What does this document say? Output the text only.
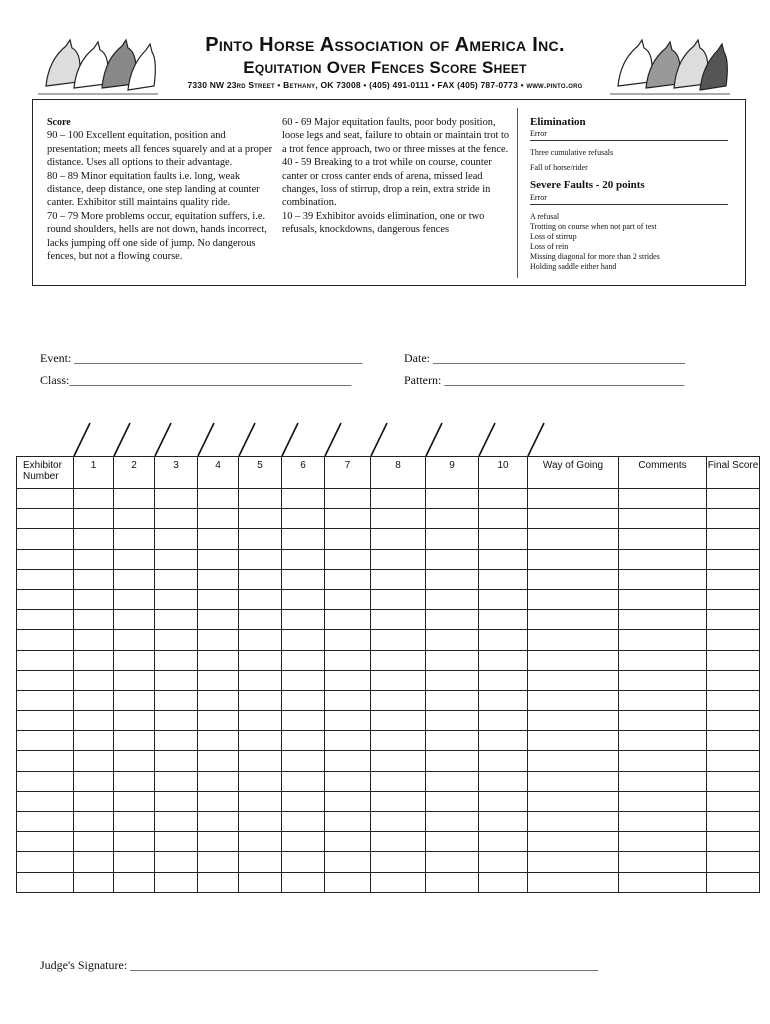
Pinto Horse Association of America Inc.
Equitation Over Fences Score Sheet
7330 NW 23rd Street • Bethany, OK 73008 • (405) 491-0111 • FAX (405) 787-0773 • www.pinto.org
Score
90 – 100 Excellent equitation, position and presentation; meets all fences squarely and at a proper distance. Uses all options to their advantage.
80 – 89 Minor equitation faults i.e. long, weak distance, deep distance, one step landing at counter canter. Exhibitor still maintains quality ride.
70 – 79 More problems occur, equitation suffers, i.e. round shoulders, hells are not down, hands incorrect, lacks jumping off one side of jump. No dangerous fences, but not a flowing course.
60 - 69 Major equitation faults, poor body position, loose legs and seat, failure to obtain or maintain trot to a trot fence approach, two or three misses at the fence.
40 - 59 Breaking to a trot while on course, counter canter or cross canter ends of arena, missed lead changes, loss of stirrup, drop a rein, extra stride in combination.
10 – 39 Exhibitor avoids elimination, one or two refusals, knockdowns, dangerous fences
Elimination
Error
Three cumulative refusals
Fall of horse/rider
Severe Faults - 20 points
Error
A refusal
Trotting on course when not part of test
Loss of stirrup
Loss of rein
Missing diagonal for more than 2 strides
Holding saddle either hand
Event: ________________________________________________	Date: __________________________________________
Class:_______________________________________________	Pattern: ________________________________________
Exhibitor Number	1	2	3	4	5	6	7	8	9	10	Way of Going	Comments	Final Score

Judge's Signature: ______________________________________________________________________________
